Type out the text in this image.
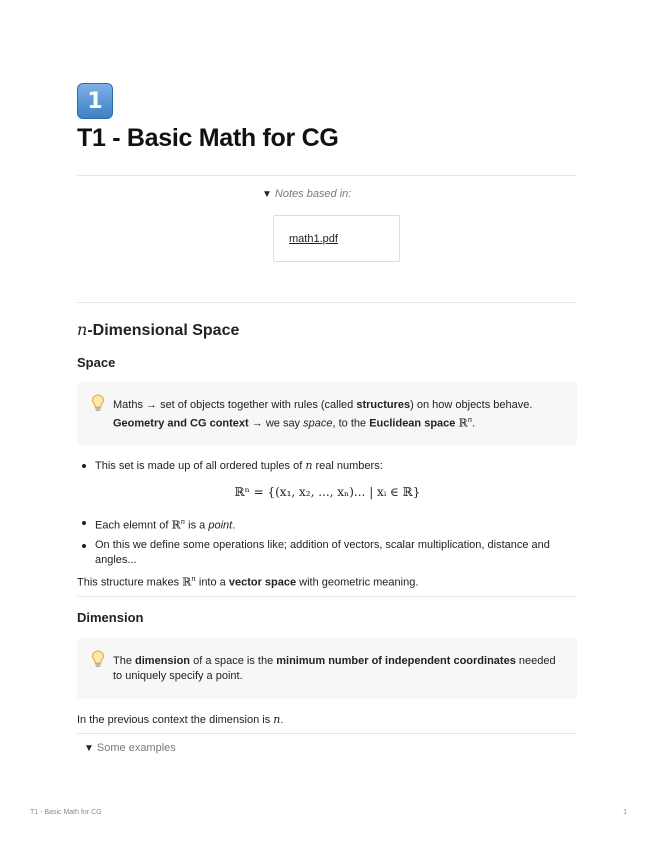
1
T1 - Basic Math for CG
▼ Notes based in:
math1.pdf
n-Dimensional Space
Space
Maths → set of objects together with rules (called structures) on how objects behave.
Geometry and CG context → we say space, to the Euclidean space ℝ$^n$.
This set is made up of all ordered tuples of n real numbers:
ℝⁿ = {(x₁, x₂, ..., xₙ)... | xᵢ ∈ ℝ}
Each elemnt of ℝ$^n$ is a point.
On this we define some operations like; addition of vectors, scalar multiplication, distance and angles...
This structure makes ℝ$^n$ into a vector space with geometric meaning.
Dimension
The dimension of a space is the minimum number of independent coordinates needed to uniquely specify a point.
In the previous context the dimension is n.
▼ Some examples
T1 - Basic Math for CG	1
